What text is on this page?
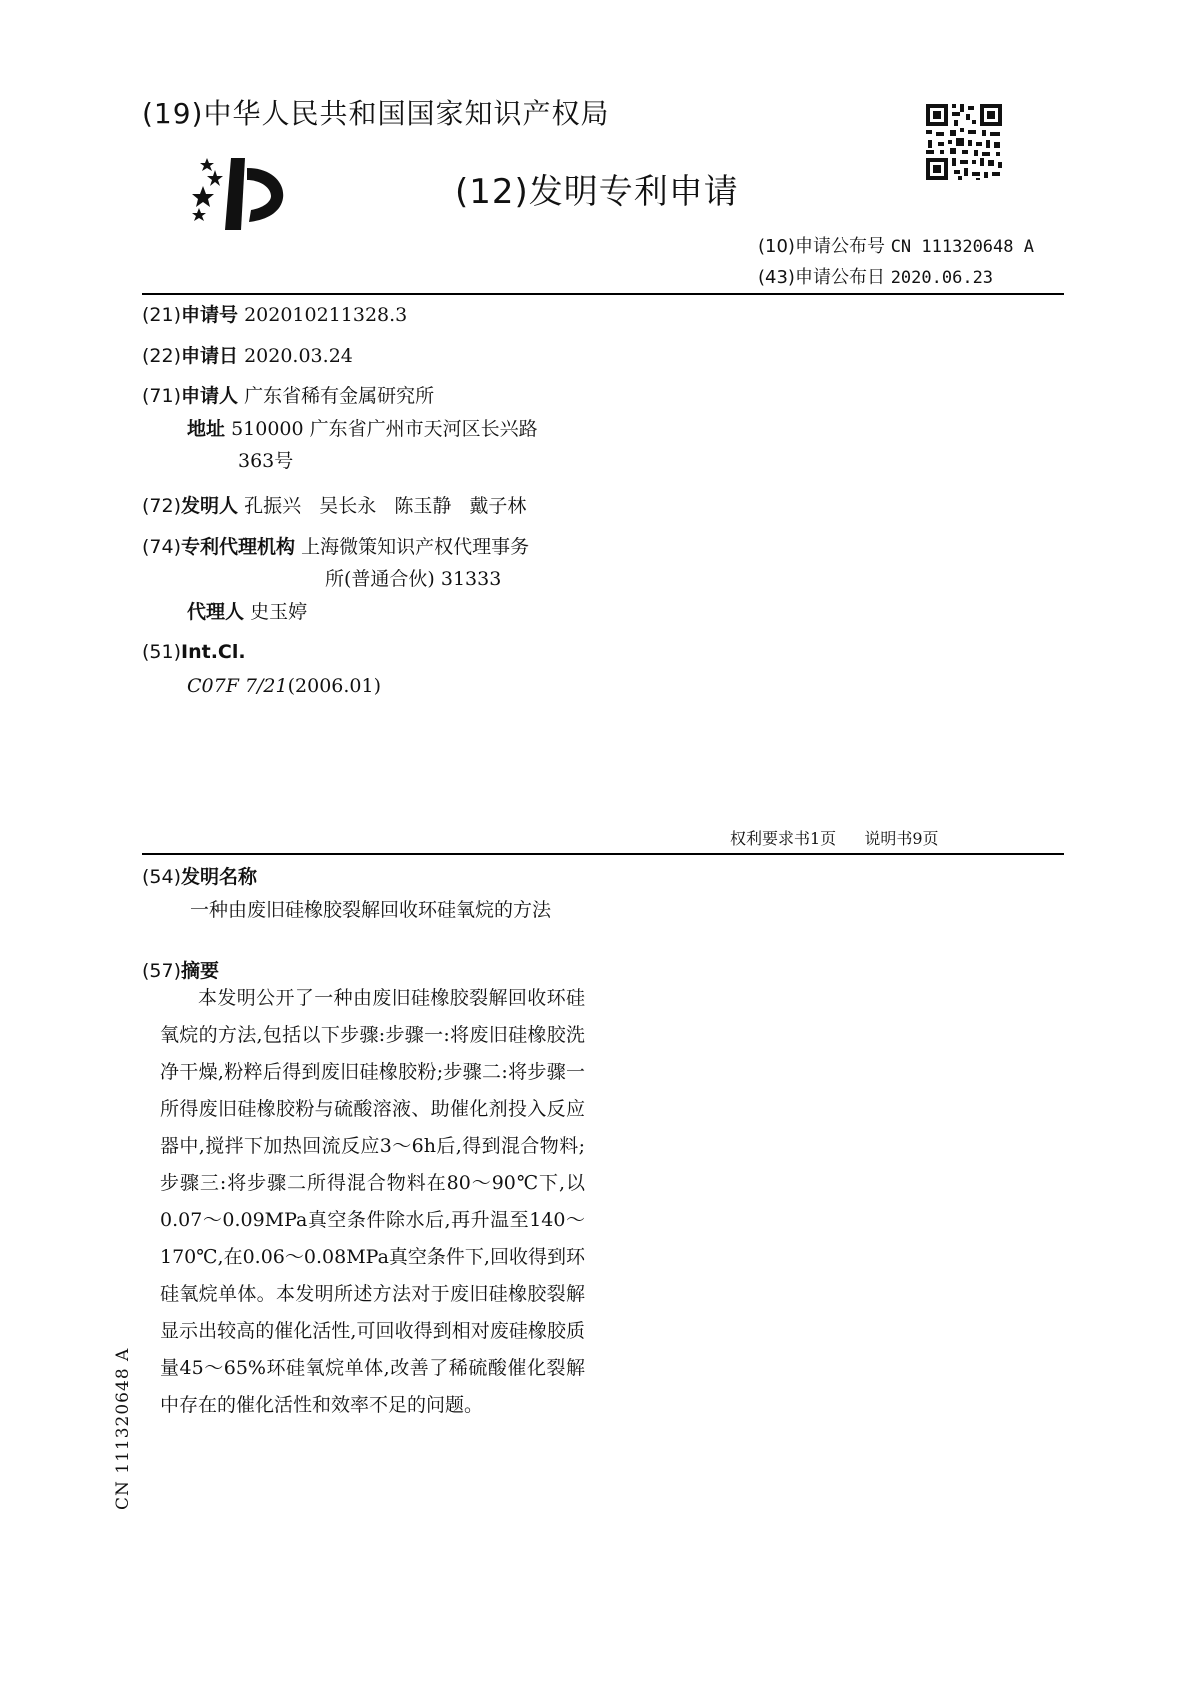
(19)中华人民共和国国家知识产权局
(12)发明专利申请
(10)申请公布号 CN 111320648 A
(43)申请公布日 2020.06.23
(21)申请号 202010211328.3
(22)申请日 2020.03.24
(71)申请人 广东省稀有金属研究所
地址 510000 广东省广州市天河区长兴路
363号
(72)发明人 孔振兴   吴长永   陈玉静   戴子林
(74)专利代理机构 上海微策知识产权代理事务
所(普通合伙) 31333
代理人 史玉婷
(51)Int.Cl.
C07F 7/21(2006.01)
权利要求书1页 说明书9页
(54)发明名称
一种由废旧硅橡胶裂解回收环硅氧烷的方法
(57)摘要
本发明公开了一种由废旧硅橡胶裂解回收环硅氧烷的方法,包括以下步骤:步骤一:将废旧硅橡胶洗净干燥,粉粹后得到废旧硅橡胶粉;步骤二:将步骤一所得废旧硅橡胶粉与硫酸溶液、助催化剂投入反应器中,搅拌下加热回流反应3～6h后,得到混合物料;步骤三:将步骤二所得混合物料在80～90℃下,以0.07～0.09MPa真空条件除水后,再升温至140～170℃,在0.06～0.08MPa真空条件下,回收得到环硅氧烷单体。本发明所述方法对于废旧硅橡胶裂解显示出较高的催化活性,可回收得到相对废硅橡胶质量45～65%环硅氧烷单体,改善了稀硫酸催化裂解中存在的催化活性和效率不足的问题。
CN 111320648 A
